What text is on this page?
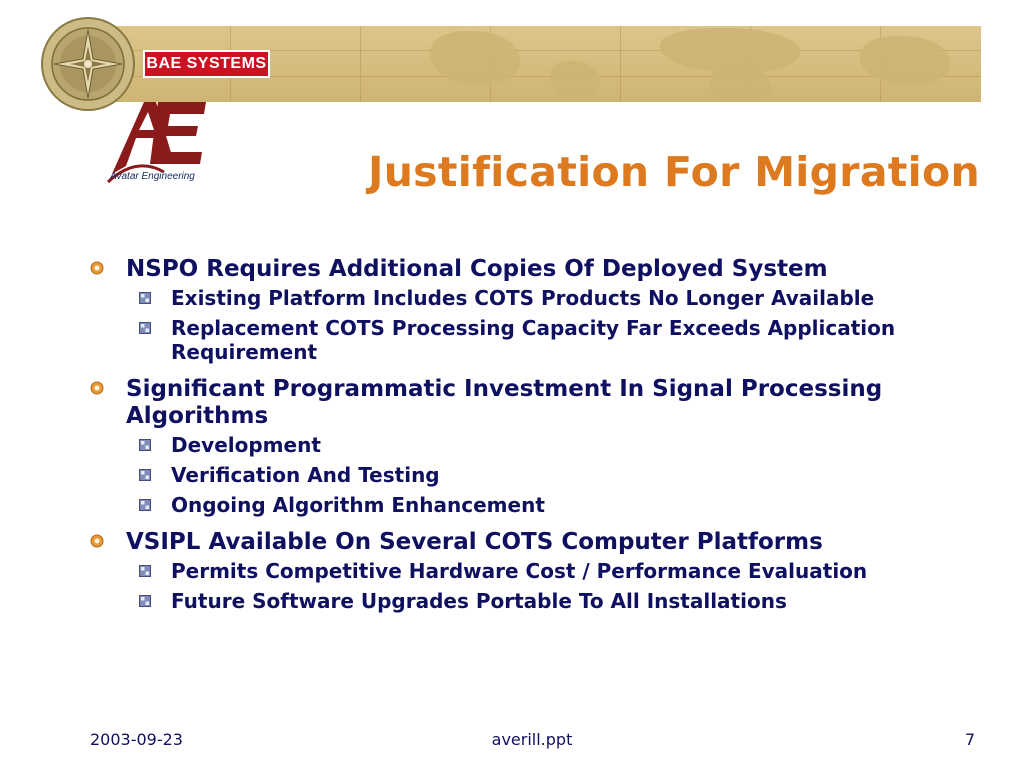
BAE SYSTEMS
Avatar Engineering	Justification For Migration
NSPO Requires Additional Copies Of Deployed System
Existing Platform Includes COTS Products No Longer Available
Replacement COTS Processing Capacity Far Exceeds Application Requirement
Significant Programmatic Investment In Signal Processing Algorithms
Development
Verification And Testing
Ongoing Algorithm Enhancement
VSIPL Available On Several COTS Computer Platforms
Permits Competitive Hardware Cost / Performance Evaluation
Future Software Upgrades Portable To All Installations
2003-09-23	averill.ppt	7
